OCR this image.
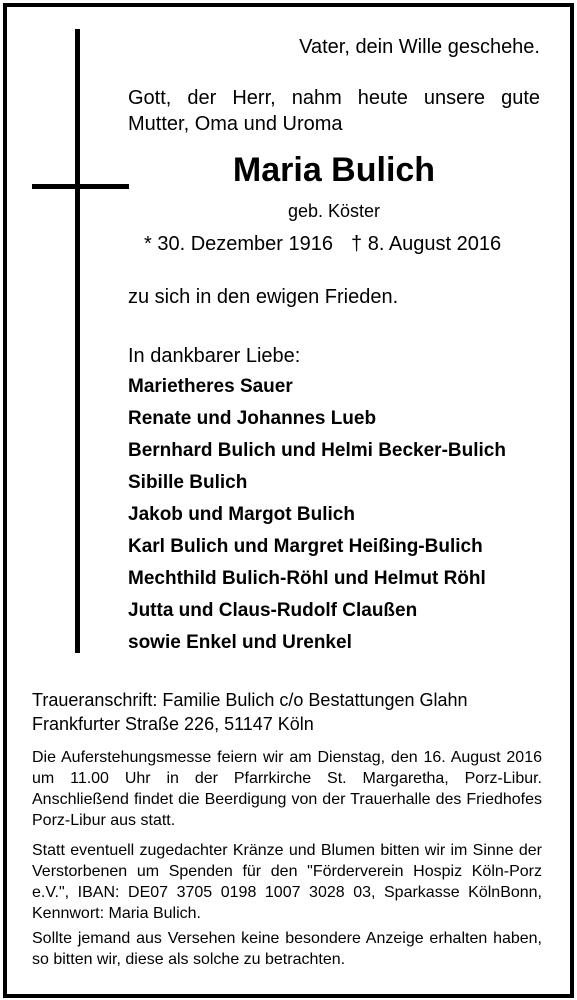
Vater, dein Wille geschehe.

Gott, der Herr, nahm heute unsere gute Mutter, Oma und Uroma

Maria Bulich

geb. Köster

* 30. Dezember 1916 † 8. August 2016

zu sich in den ewigen Frieden.

In dankbarer Liebe:

Marietheres Sauer
Renate und Johannes Lueb
Bernhard Bulich und Helmi Becker-Bulich
Sibille Bulich
Jakob und Margot Bulich
Karl Bulich und Margret Heißing-Bulich
Mechthild Bulich-Röhl und Helmut Röhl
Jutta und Claus-Rudolf Claußen
sowie Enkel und Urenkel
Traueranschrift: Familie Bulich c/o Bestattungen Glahn
Frankfurter Straße 226, 51147 Köln

Die Auferstehungsmesse feiern wir am Dienstag, den 16. August 2016 um 11.00 Uhr in der Pfarrkirche St. Margaretha, Porz-Libur. Anschließend findet die Beerdigung von der Trauerhalle des Friedhofes Porz-Libur aus statt.

Statt eventuell zugedachter Kränze und Blumen bitten wir im Sinne der Verstorbenen um Spenden für den "Förderverein Hospiz Köln-Porz e.V.", IBAN: DE07 3705 0198 1007 3028 03, Sparkasse KölnBonn, Kennwort: Maria Bulich.

Sollte jemand aus Versehen keine besondere Anzeige erhalten haben, so bitten wir, diese als solche zu betrachten.
